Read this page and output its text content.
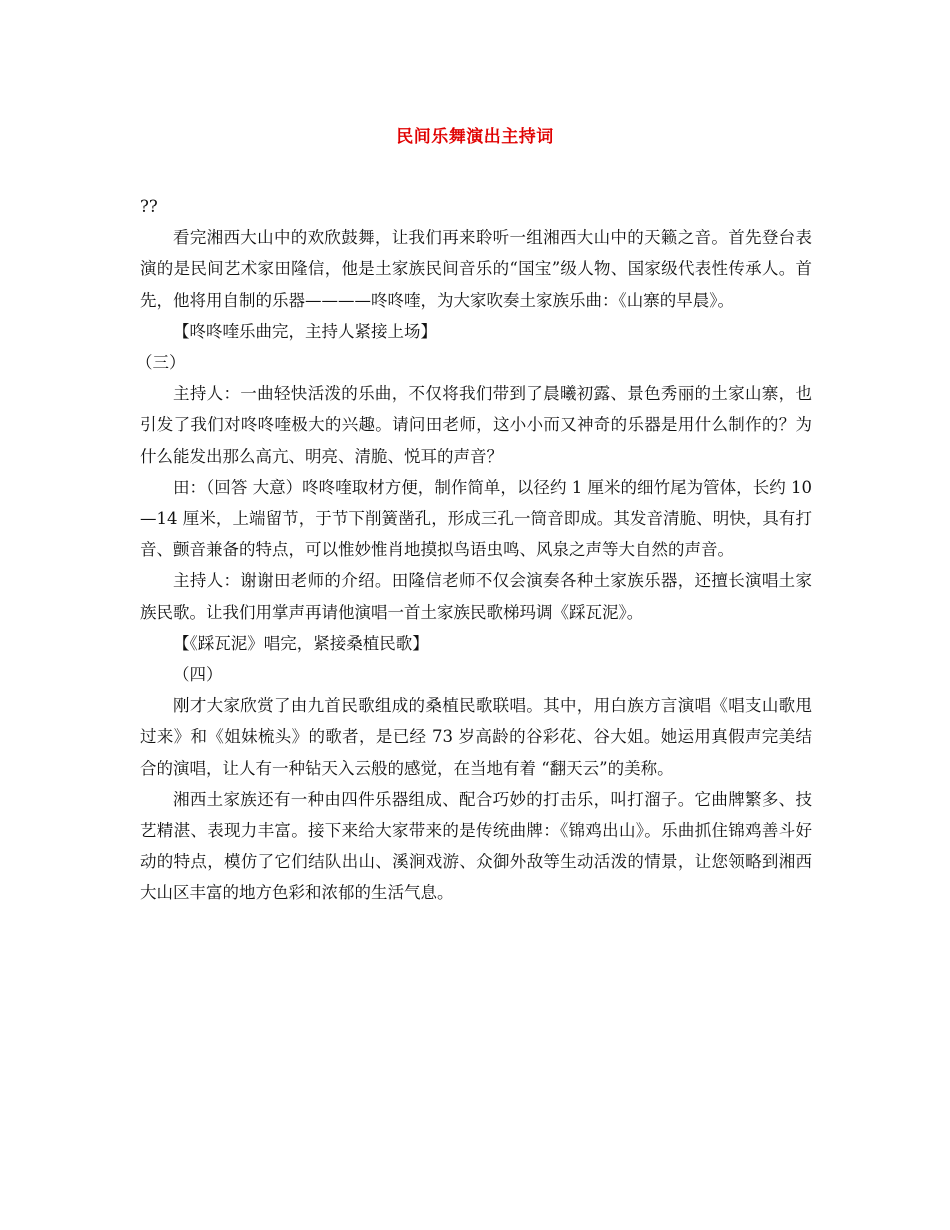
民间乐舞演出主持词

??

看完湘西大山中的欢欣鼓舞，让我们再来聆听一组湘西大山中的天籁之音。首先登台表演的是民间艺术家田隆信，他是土家族民间音乐的“国宝”级人物、国家级代表性传承人。首先，他将用自制的乐器————咚咚喹，为大家吹奏土家族乐曲：《山寨的早晨》。

【咚咚喹乐曲完，主持人紧接上场】

（三）

主持人：一曲轻快活泼的乐曲，不仅将我们带到了晨曦初露、景色秀丽的土家山寨，也引发了我们对咚咚喹极大的兴趣。请问田老师，这小小而又神奇的乐器是用什么制作的？为什么能发出那么高亢、明亮、清脆、悦耳的声音？

田：（回答 大意）咚咚喹取材方便，制作简单，以径约 1 厘米的细竹尾为管体，长约 10—14 厘米，上端留节，于节下削簧凿孔，形成三孔一筒音即成。其发音清脆、明快，具有打音、颤音兼备的特点，可以惟妙惟肖地摸拟鸟语虫鸣、风泉之声等大自然的声音。

主持人：谢谢田老师的介绍。田隆信老师不仅会演奏各种土家族乐器，还擅长演唱土家族民歌。让我们用掌声再请他演唱一首土家族民歌梯玛调《踩瓦泥》。

【《踩瓦泥》唱完，紧接桑植民歌】

（四）

刚才大家欣赏了由九首民歌组成的桑植民歌联唱。其中，用白族方言演唱《唱支山歌甩过来》和《姐妹梳头》的歌者，是已经 73 岁高龄的谷彩花、谷大姐。她运用真假声完美结合的演唱，让人有一种钻天入云般的感觉，在当地有着 “翻天云”的美称。

湘西土家族还有一种由四件乐器组成、配合巧妙的打击乐，叫打溜子。它曲牌繁多、技艺精湛、表现力丰富。接下来给大家带来的是传统曲牌：《锦鸡出山》。乐曲抓住锦鸡善斗好动的特点，模仿了它们结队出山、溪涧戏游、众御外敌等生动活泼的情景，让您领略到湘西大山区丰富的地方色彩和浓郁的生活气息。
